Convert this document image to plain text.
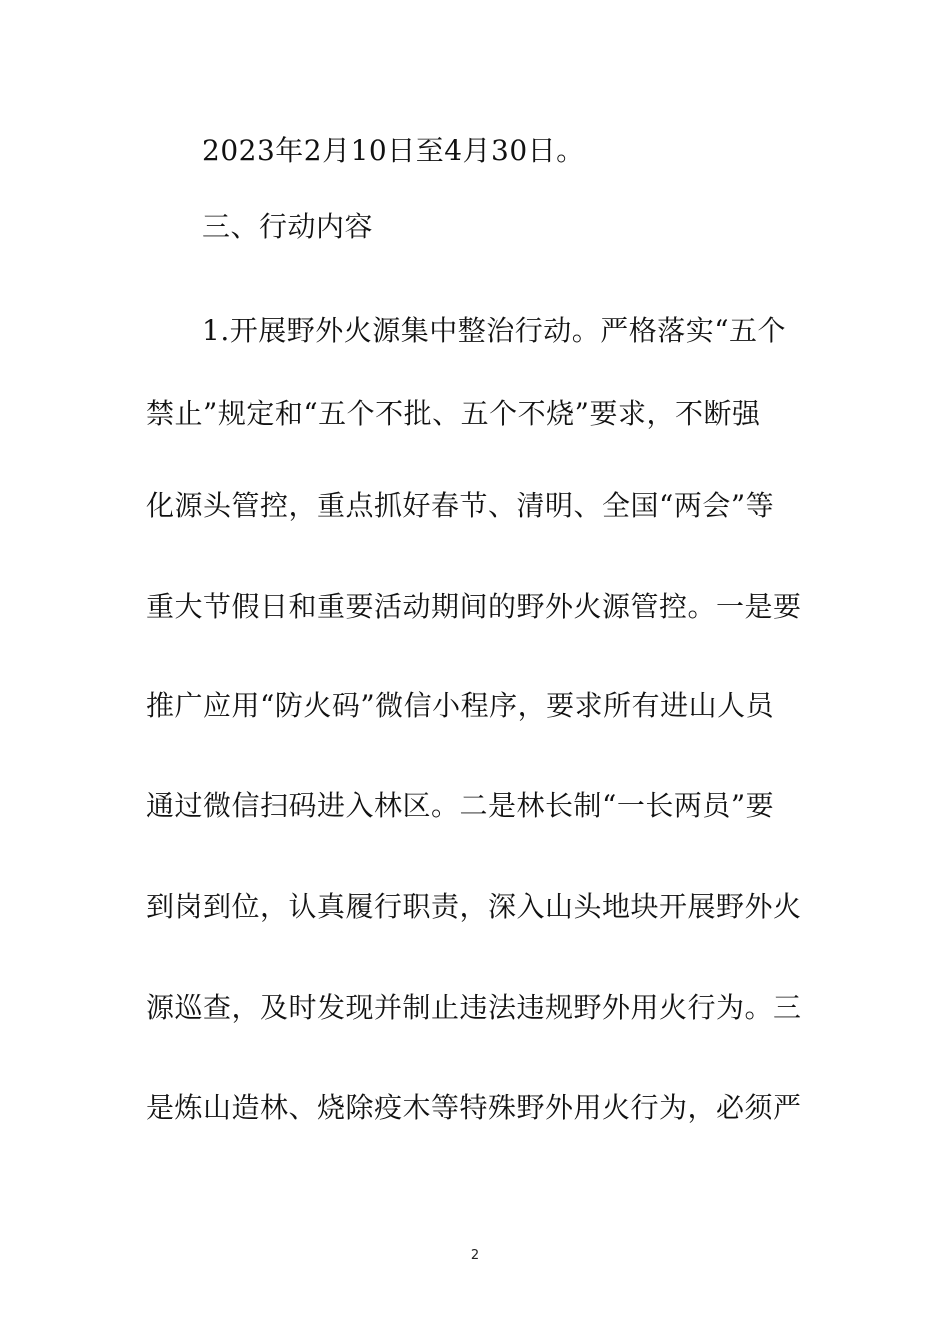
2023年2月10日至4月30日。
三、行动内容
1.开展野外火源集中整治行动。严格落实“五个
禁止”规定和“五个不批、五个不烧”要求，不断强
化源头管控，重点抓好春节、清明、全国“两会”等
重大节假日和重要活动期间的野外火源管控。一是要
推广应用“防火码”微信小程序，要求所有进山人员
通过微信扫码进入林区。二是林长制“一长两员”要
到岗到位，认真履行职责，深入山头地块开展野外火
源巡查，及时发现并制止违法违规野外用火行为。三
是炼山造林、烧除疫木等特殊野外用火行为，必须严
2
